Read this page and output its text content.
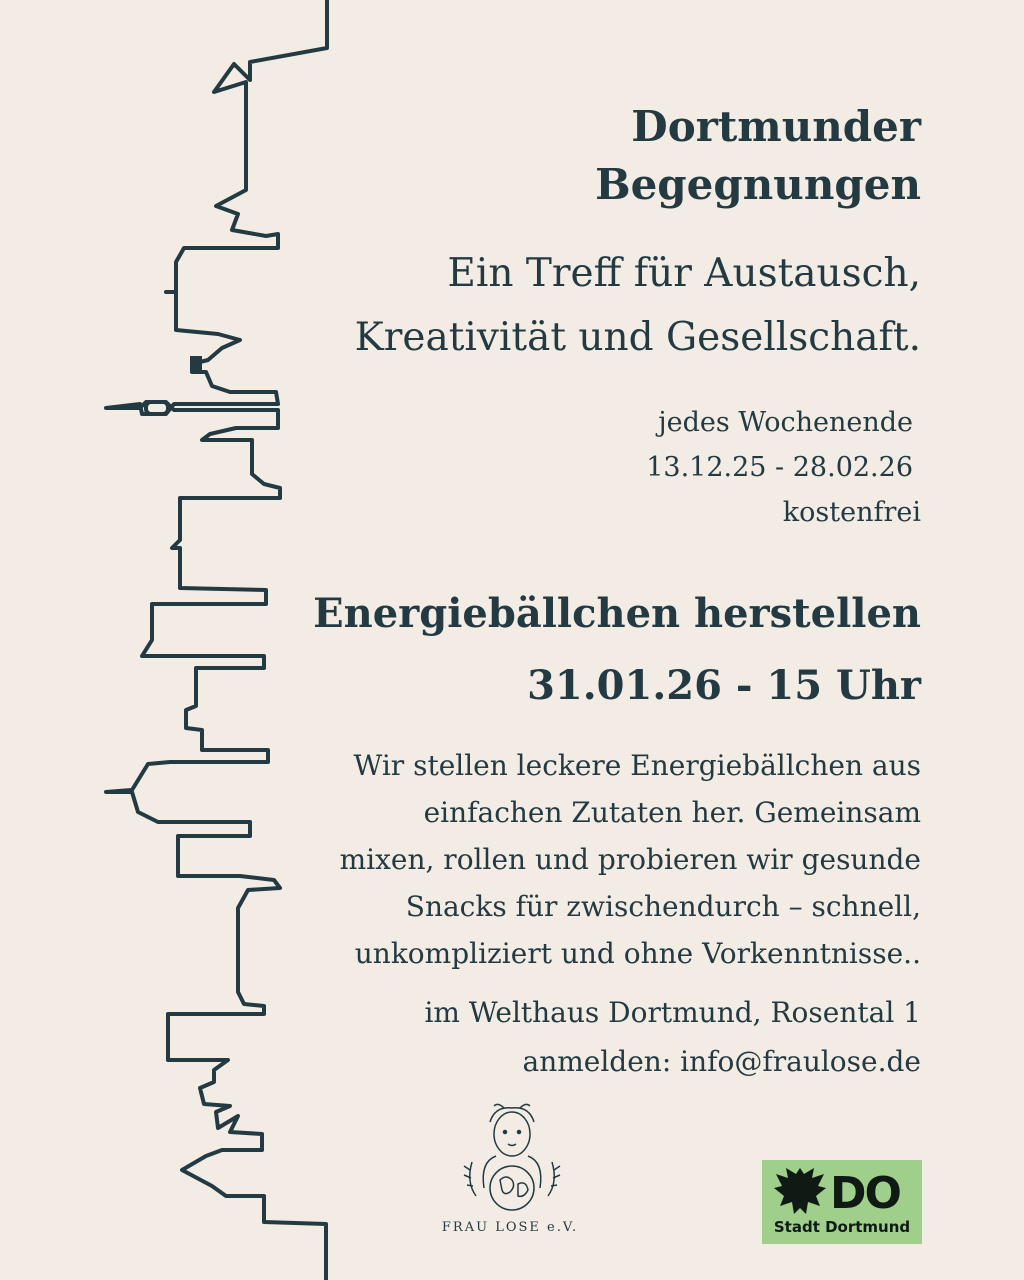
Dortmunder
Begegnungen
Ein Treff für Austausch,
Kreativität und Gesellschaft.
jedes Wochenende
13.12.25 - 28.02.26
kostenfrei
Energiebällchen herstellen
31.01.26 - 15 Uhr
Wir stellen leckere Energiebällchen aus
einfachen Zutaten her. Gemeinsam
mixen, rollen und probieren wir gesunde
Snacks für zwischendurch – schnell,
unkompliziert und ohne Vorkenntnisse..
im Welthaus Dortmund, Rosental 1
anmelden: info@fraulose.de
FRAU LOSE e.V.
DO
Stadt Dortmund
